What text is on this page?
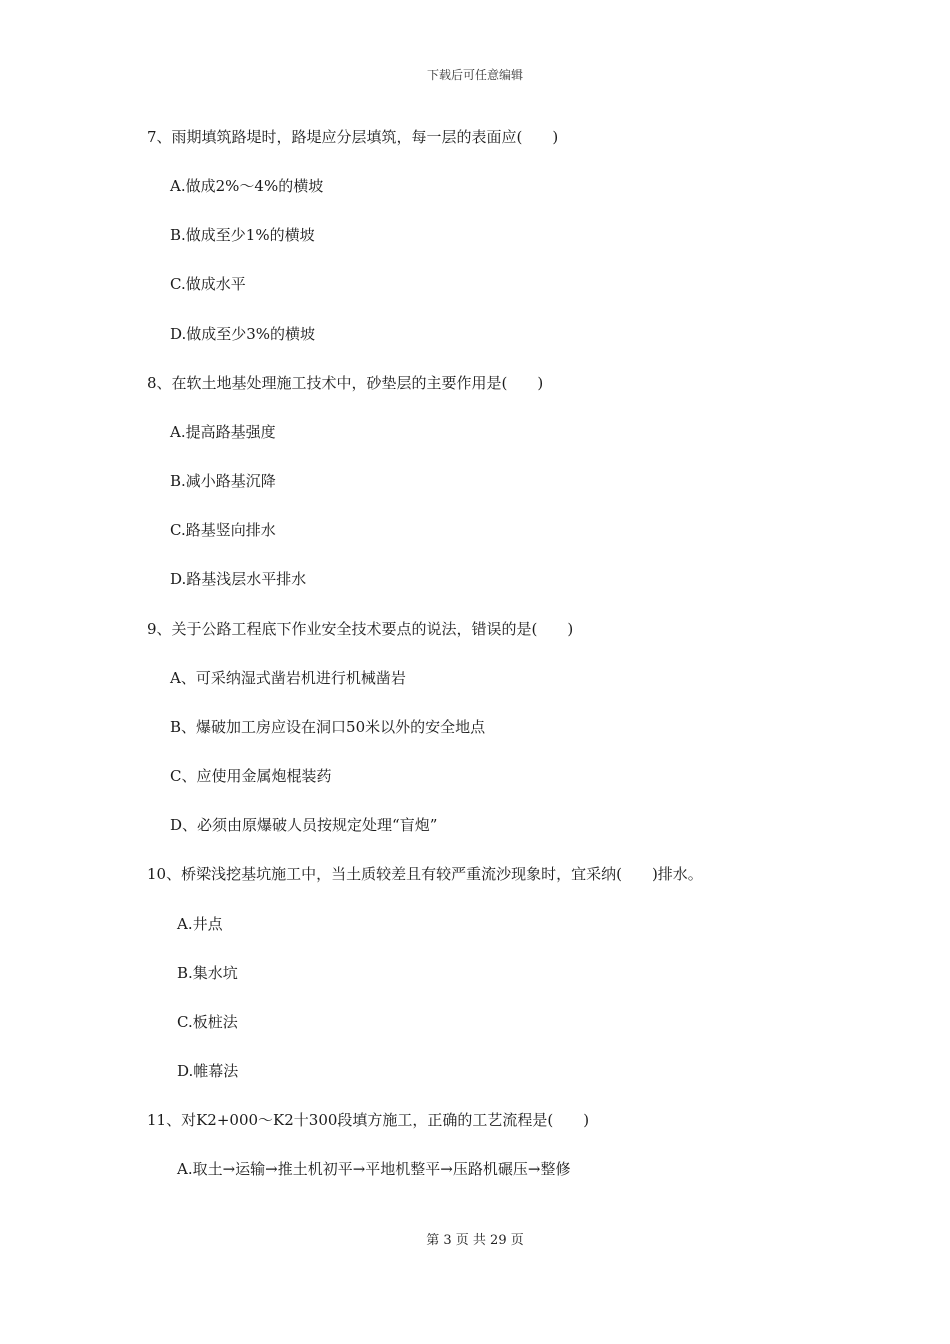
下载后可任意编辑
7、雨期填筑路堤时，路堤应分层填筑，每一层的表面应(　　)
A.做成2%～4%的横坡
B.做成至少1%的横坡
C.做成水平
D.做成至少3%的横坡
8、在软土地基处理施工技术中，砂垫层的主要作用是(　　)
A.提高路基强度
B.减小路基沉降
C.路基竖向排水
D.路基浅层水平排水
9、关于公路工程底下作业安全技术要点的说法，错误的是(　　)
A、可采纳湿式凿岩机进行机械凿岩
B、爆破加工房应设在洞口50米以外的安全地点
C、应使用金属炮棍装药
D、必须由原爆破人员按规定处理“盲炮”
10、桥梁浅挖基坑施工中，当土质较差且有较严重流沙现象时，宜采纳(　　)排水。
A.井点
B.集水坑
C.板桩法
D.帷幕法
11、对K2+000～K2十300段填方施工，正确的工艺流程是(　　)
A.取土→运输→推土机初平→平地机整平→压路机碾压→整修
第 3 页 共 29 页
